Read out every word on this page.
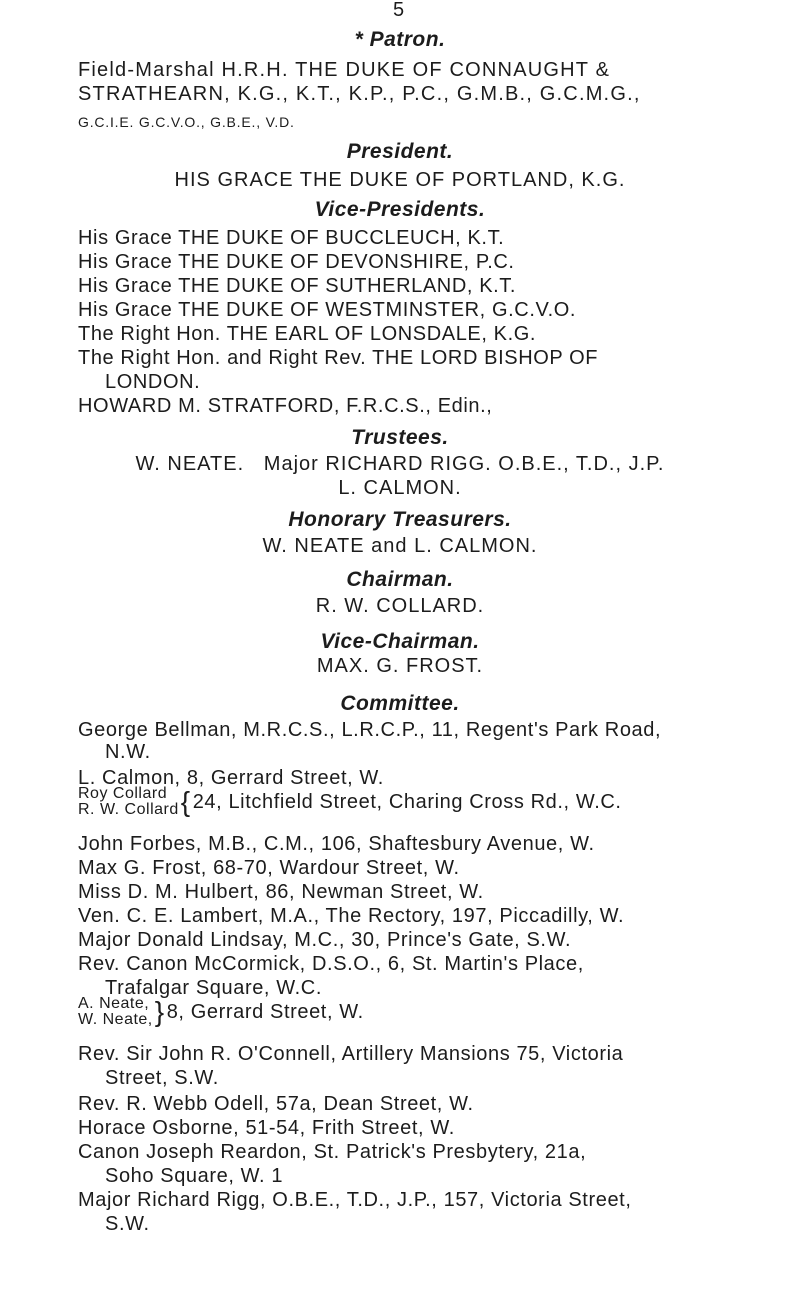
5
* Patron.
Field-Marshal H.R.H. THE DUKE OF CONNAUGHT &
STRATHEARN, K.G., K.T., K.P., P.C., G.M.B., G.C.M.G.,
G.C.I.E. G.C.V.O., G.B.E., V.D.
President.
HIS GRACE THE DUKE OF PORTLAND, K.G.
Vice-Presidents.
His Grace THE DUKE OF BUCCLEUCH, K.T.
His Grace THE DUKE OF DEVONSHIRE, P.C.
His Grace THE DUKE OF SUTHERLAND, K.T.
His Grace THE DUKE OF WESTMINSTER, G.C.V.O.
The Right Hon. THE EARL OF LONSDALE, K.G.
The Right Hon. and Right Rev. THE LORD BISHOP OF
LONDON.
HOWARD M. STRATFORD, F.R.C.S., Edin.,
Trustees.
W. NEATE.   Major RICHARD RIGG. O.B.E., T.D., J.P.
L. CALMON.
Honorary Treasurers.
W. NEATE and L. CALMON.
Chairman.
R. W. COLLARD.
Vice-Chairman.
MAX. G. FROST.
Committee.
George Bellman, M.R.C.S., L.R.C.P., 11, Regent's Park Road,
N.W.
L. Calmon, 8, Gerrard Street, W.
Roy Collard
R. W. Collard { 24, Litchfield Street, Charing Cross Rd., W.C.
John Forbes, M.B., C.M., 106, Shaftesbury Avenue, W.
Max G. Frost, 68-70, Wardour Street, W.
Miss D. M. Hulbert, 86, Newman Street, W.
Ven. C. E. Lambert, M.A., The Rectory, 197, Piccadilly, W.
Major Donald Lindsay, M.C., 30, Prince's Gate, S.W.
Rev. Canon McCormick, D.S.O., 6, St. Martin's Place,
Trafalgar Square, W.C.
A. Neate,
W. Neate, } 8, Gerrard Street, W.
Rev. Sir John R. O'Connell, Artillery Mansions 75, Victoria
Street, S.W.
Rev. R. Webb Odell, 57a, Dean Street, W.
Horace Osborne, 51-54, Frith Street, W.
Canon Joseph Reardon, St. Patrick's Presbytery, 21a,
Soho Square, W. 1
Major Richard Rigg, O.B.E., T.D., J.P., 157, Victoria Street,
S.W.
